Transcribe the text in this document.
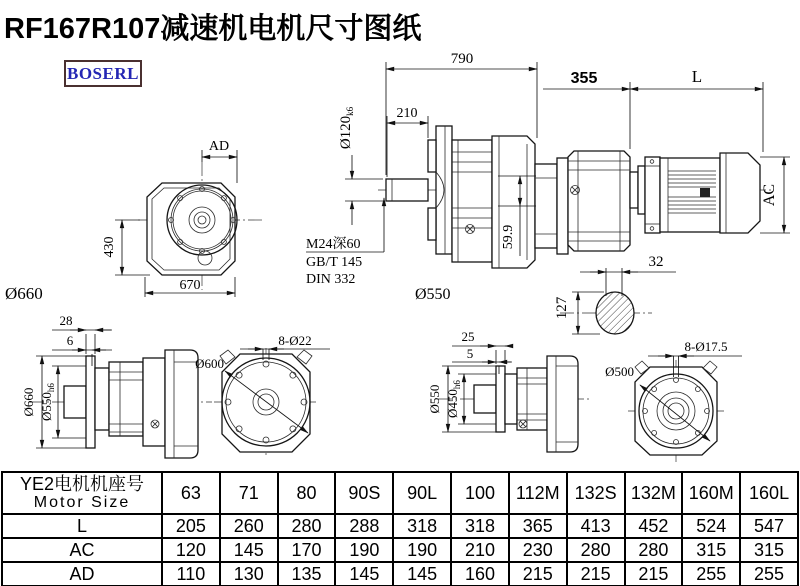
RF167R107减速机电机尺寸图纸
BOSERL
790
355	L
210
$Ø120_{k6}$
M24深60
GB/T 145
DIN 332
59.9
AC
Ø550
32
127
AD
430
670
Ø660
28
6
Ø660 $Ø550_{h6}$
Ø600
8-Ø22	25
5
Ø550 $Ø450_{h6}$
Ø500
8-Ø17.5
YE2电机机座号
Motor Size	63	71	80	90S	90L	100	112M	132S	132M	160M	160L
L	205	260	280	288	318	318	365	413	452	524	547
AC	120	145	170	190	190	210	230	280	280	315	315
AD	110	130	135	145	145	160	215	215	215	255	255
